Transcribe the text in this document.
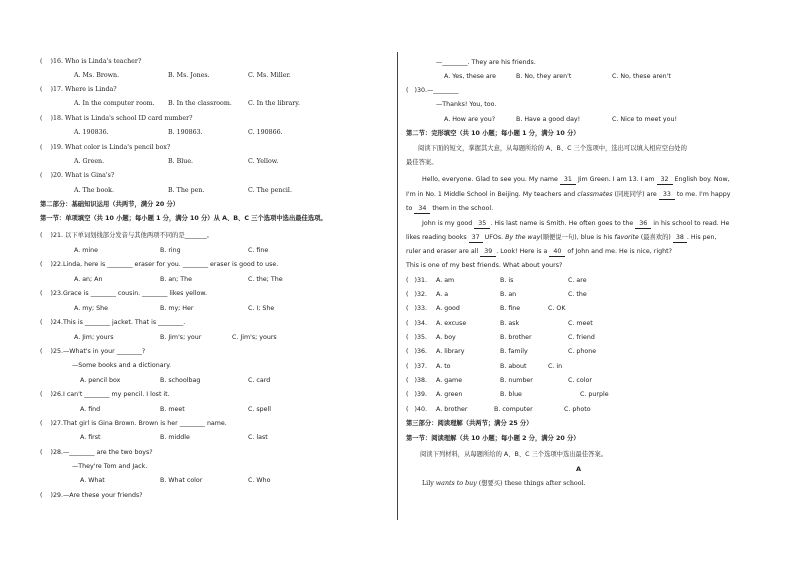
( )16. Who is Linda's teacher?
A. Ms. Brown.	B. Ms. Jones.	C. Ms. Miller.
( )17. Where is Linda?
A. In the computer room. B. In the classroom.	C. In the library.
( )18. What is Linda's school ID card number?
A. 190836.	B. 190863.	C. 190866.
( )19. What color is Linda's pencil box?
A. Green.	B. Blue.	C. Yellow.
( )20. What is Gina's?
A. The book.	B. The pen.	C. The pencil.
第二部分：基础知识运用（共两节，满分 20 分）
第一节：单项填空（共 10 小题；每小题 1 分，满分 10 分）从 A、B、C 三个选项中选出最佳选项。
( )21. 以下单词划线部分发音与其他两项不同的是_______。
A. mine	B. ring	C. fine
( )22.Linda, here is ________ eraser for you. ________ eraser is good to use.
A. an; An	B. an; The	C. the; The
( )23.Grace is ________ cousin. ________ likes yellow.
A. my; She	B. my; Her	C. I; She
( )24.This is ________ jacket. That is ________.
A. Jim; yours	B. Jim's; your	C. Jim's; yours
( )25.—What's in your ________?
—Some books and a dictionary.
A. pencil box	B. schoolbag	C. card
( )26.I can't ________ my pencil. I lost it.
A. find	B. meet	C. spell
( )27.That girl is Gina Brown. Brown is her ________ name.
A. first	B. middle	C. last
( )28.—________ are the two boys?
—They're Tom and Jack.
A. What	B. What color	C. Who
( )29.—Are these your friends?
—________. They are his friends.
A. Yes, these are	B. No, they aren't	C. No, these aren't
( )30.—________
—Thanks! You, too.
A. How are you?	B. Have a good day!	C. Nice to meet you!
第二节：完形填空（共 10 小题；每小题 1 分，满分 10 分）
阅读下面的短文，掌握其大意，从每题所给的 A、B、C 三个选项中，选出可以填入相应空白处的
最佳答案。
Hello, everyone. Glad to see you. My name 31 Jim Green. I am 13. I am 32 English boy. Now,
I'm in No. 1 Middle School in Beijing. My teachers and classmates (同班同学) are 33 to me. I'm happy
to 34 them in the school.
John is my good 35 . His last name is Smith. He often goes to the 36 in his school to read. He
likes reading books 37 UFOs. By the way(顺便说一句), blue is his favorite (最喜欢的) 38 . His pen,
ruler and eraser are all 39 . Look! Here is a 40 of John and me. He is nice, right?
This is one of my best friends. What about yours?
( )31. A. am	B. is	C. are
( )32. A. a	B. an	C. the
( )33. A. good	B. fine	C. OK
( )34. A. excuse	B. ask	C. meet
( )35. A. boy	B. brother	C. friend
( )36. A. library	B. family	C. phone
( )37. A. to	B. about	C. in
( )38. A. game	B. number	C. color
( )39. A. green	B. blue	C. purple
( )40. A. brother	B. computer	C. photo
第三部分：阅读理解（共两节；满分 25 分）
第一节：阅读理解（共 10 小题；每小题 2 分，满分 20 分）
阅读下列材料，从每题所给的 A、B、C 三个选项中选出最佳答案。
A
Lily wants to buy (想要买) these things after school.
